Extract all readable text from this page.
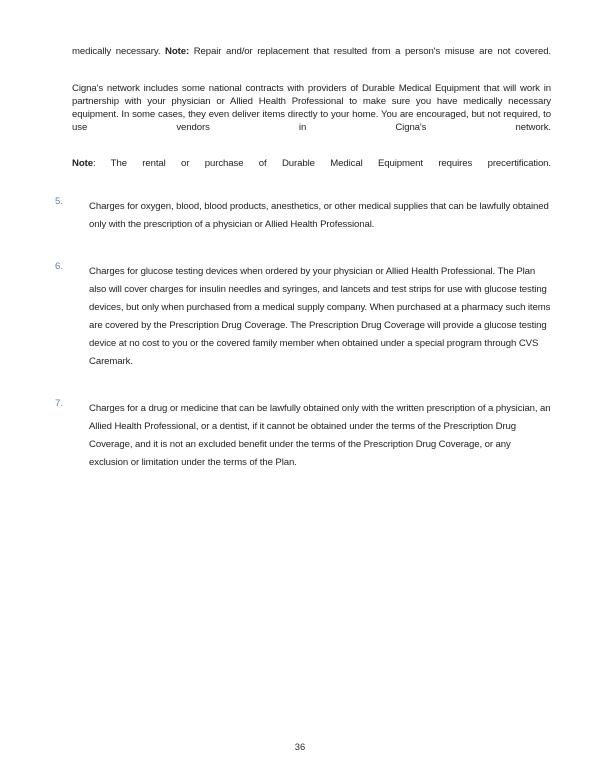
medically necessary. Note: Repair and/or replacement that resulted from a person's misuse are not covered.

Cigna's network includes some national contracts with providers of Durable Medical Equipment that will work in partnership with your physician or Allied Health Professional to make sure you have medically necessary equipment. In some cases, they even deliver items directly to your home. You are encouraged, but not required, to use vendors in Cigna's network.

Note: The rental or purchase of Durable Medical Equipment requires precertification.

5.	Charges for oxygen, blood, blood products, anesthetics, or other medical supplies that can be lawfully obtained only with the prescription of a physician or Allied Health Professional.
6.	Charges for glucose testing devices when ordered by your physician or Allied Health Professional. The Plan also will cover charges for insulin needles and syringes, and lancets and test strips for use with glucose testing devices, but only when purchased from a medical supply company. When purchased at a pharmacy such items are covered by the Prescription Drug Coverage. The Prescription Drug Coverage will provide a glucose testing device at no cost to you or the covered family member when obtained under a special program through CVS Caremark.
7.	Charges for a drug or medicine that can be lawfully obtained only with the written prescription of a physician, an Allied Health Professional, or a dentist, if it cannot be obtained under the terms of the Prescription Drug Coverage, and it is not an excluded benefit under the terms of the Prescription Drug Coverage, or any exclusion or limitation under the terms of the Plan.
36
